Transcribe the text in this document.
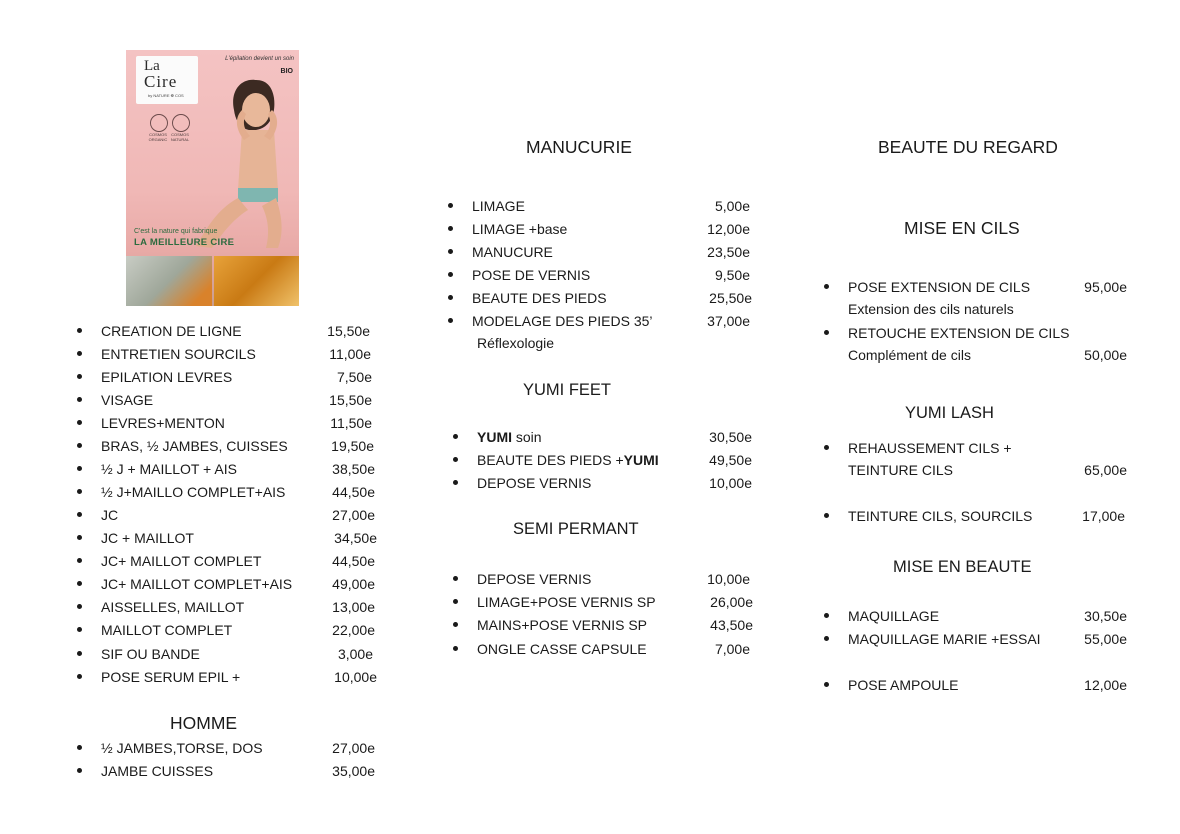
La
Cire
by NATURE ❁ COS
L'épilation devient un soin
BIO
COSMOS ORGANIC
COSMOS NATURAL
C'est la nature qui fabrique
LA MEILLEURE CIRE
CREATION DE LIGNE	15,50e
ENTRETIEN SOURCILS	11,00e
EPILATION LEVRES	7,50e
VISAGE	15,50e
LEVRES+MENTON	11,50e
BRAS, ½ JAMBES, CUISSES	19,50e
½ J + MAILLOT + AIS	38,50e
½ J+MAILLO COMPLET+AIS	44,50e
JC	27,00e
JC + MAILLOT	34,50e
JC+ MAILLOT COMPLET	44,50e
JC+ MAILLOT COMPLET+AIS	49,00e
AISSELLES, MAILLOT	13,00e
MAILLOT COMPLET	22,00e
SIF OU BANDE	3,00e
POSE SERUM EPIL +	10,00e
HOMME
½ JAMBES,TORSE, DOS	27,00e
JAMBE CUISSES	35,00e
MANUCURIE
LIMAGE	5,00e
LIMAGE +base	12,00e
MANUCURE	23,50e
POSE DE VERNIS	9,50e
BEAUTE DES PIEDS	25,50e
MODELAGE DES PIEDS 35’	37,00e
Réflexologie
YUMI FEET
YUMI soin	30,50e
BEAUTE DES PIEDS +YUMI	49,50e
DEPOSE VERNIS	10,00e
SEMI PERMANT
DEPOSE VERNIS	10,00e
LIMAGE+POSE VERNIS SP	26,00e
MAINS+POSE VERNIS SP	43,50e
ONGLE CASSE CAPSULE	7,00e
BEAUTE DU REGARD
MISE EN CILS
POSE EXTENSION DE CILS	95,00e
Extension des cils naturels
RETOUCHE EXTENSION DE CILS
Complément de cils	50,00e
YUMI LASH
REHAUSSEMENT CILS +
TEINTURE CILS	65,00e
TEINTURE CILS, SOURCILS	17,00e
MISE EN BEAUTE
MAQUILLAGE	30,50e
MAQUILLAGE MARIE +ESSAI	55,00e
POSE AMPOULE	12,00e
